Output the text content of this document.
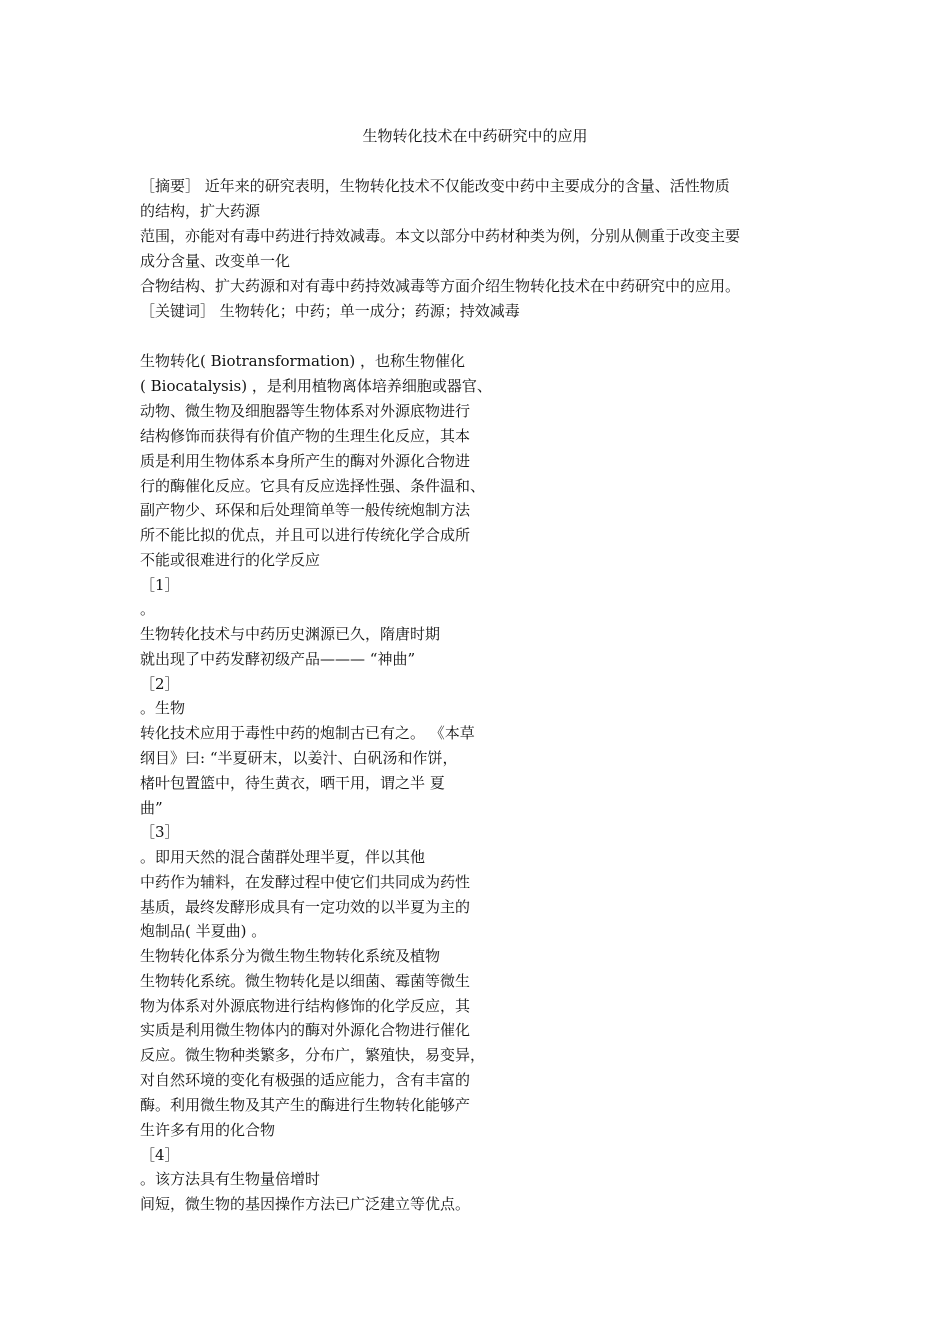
生物转化技术在中药研究中的应用
［摘要］ 近年来的研究表明，生物转化技术不仅能改变中药中主要成分的含量、活性物质
的结构，扩大药源
范围，亦能对有毒中药进行持效减毒。本文以部分中药材种类为例，分别从侧重于改变主要
成分含量、改变单一化
合物结构、扩大药源和对有毒中药持效减毒等方面介绍生物转化技术在中药研究中的应用。
［关键词］ 生物转化；中药；单一成分；药源；持效减毒
生物转化( Biotransformation) ，也称生物催化
( Biocatalysis) ，是利用植物离体培养细胞或器官、
动物、微生物及细胞器等生物体系对外源底物进行
结构修饰而获得有价值产物的生理生化反应，其本
质是利用生物体系本身所产生的酶对外源化合物进
行的酶催化反应。它具有反应选择性强、条件温和、
副产物少、环保和后处理简单等一般传统炮制方法
所不能比拟的优点，并且可以进行传统化学合成所
不能或很难进行的化学反应
［1］
。
生物转化技术与中药历史渊源已久，隋唐时期
就出现了中药发酵初级产品——— “神曲”
［2］
。生物
转化技术应用于毒性中药的炮制古已有之。 《本草
纲目》曰: “半夏研末，以姜汁、白矾汤和作饼，
楮叶包置篮中，待生黄衣，晒干用，谓之半 夏
曲”
［3］
。即用天然的混合菌群处理半夏，伴以其他
中药作为辅料，在发酵过程中使它们共同成为药性
基质，最终发酵形成具有一定功效的以半夏为主的
炮制品( 半夏曲) 。
生物转化体系分为微生物生物转化系统及植物
生物转化系统。微生物转化是以细菌、霉菌等微生
物为体系对外源底物进行结构修饰的化学反应，其
实质是利用微生物体内的酶对外源化合物进行催化
反应。微生物种类繁多，分布广，繁殖快，易变异，
对自然环境的变化有极强的适应能力，含有丰富的
酶。利用微生物及其产生的酶进行生物转化能够产
生许多有用的化合物
［4］
。该方法具有生物量倍增时
间短，微生物的基因操作方法已广泛建立等优点。
